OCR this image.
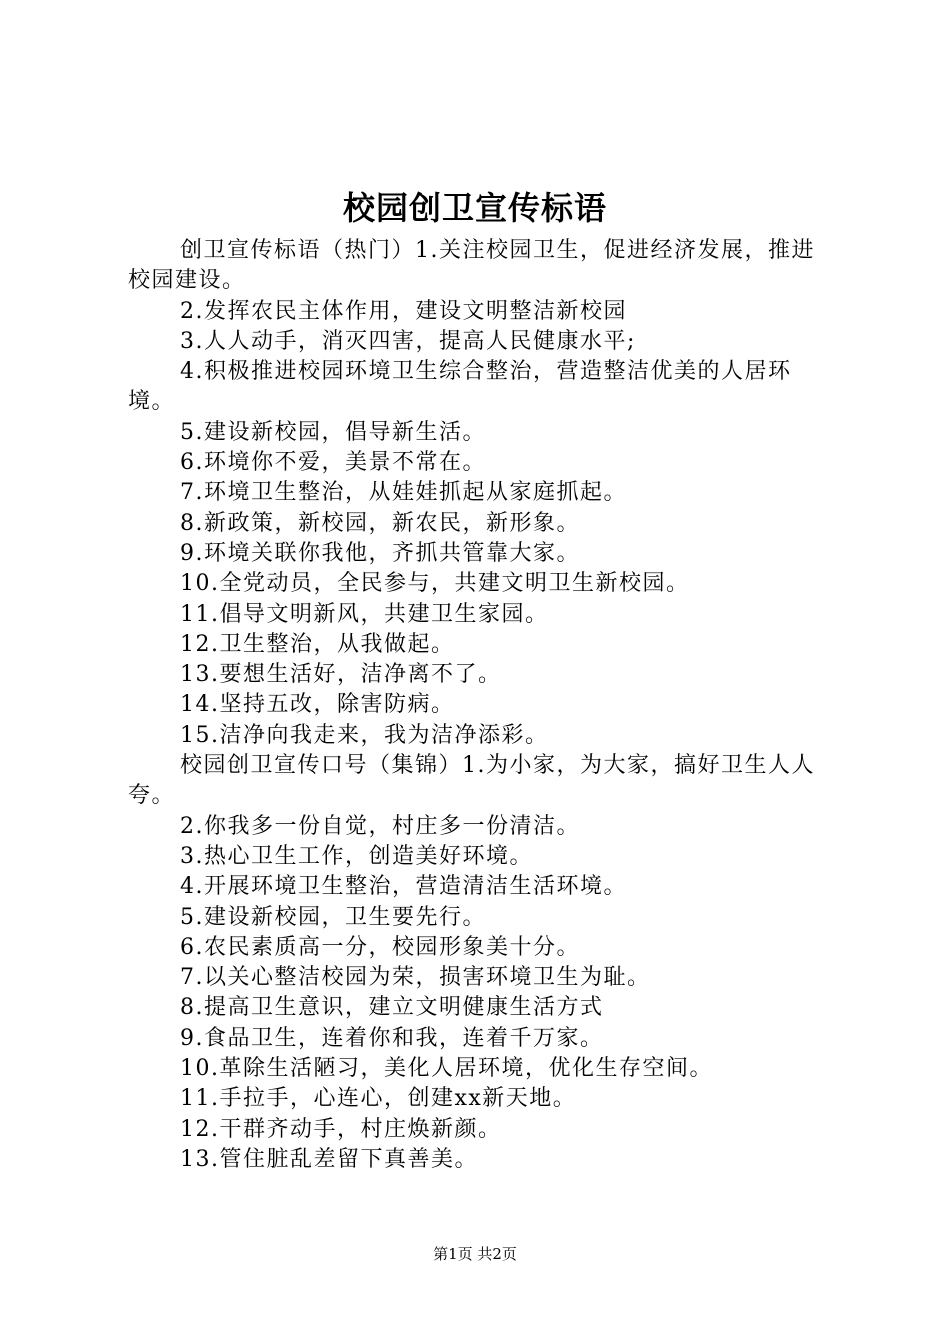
校园创卫宣传标语

创卫宣传标语（热门）1.关注校园卫生，促进经济发展，推进校园建设。

2.发挥农民主体作用，建设文明整洁新校园

3.人人动手，消灭四害，提高人民健康水平;

4.积极推进校园环境卫生综合整治，营造整洁优美的人居环境。

5.建设新校园，倡导新生活。

6.环境你不爱，美景不常在。

7.环境卫生整治，从娃娃抓起从家庭抓起。

8.新政策，新校园，新农民，新形象。

9.环境关联你我他，齐抓共管靠大家。

10.全党动员，全民参与，共建文明卫生新校园。

11.倡导文明新风，共建卫生家园。

12.卫生整治，从我做起。

13.要想生活好，洁净离不了。

14.坚持五改，除害防病。

15.洁净向我走来，我为洁净添彩。

校园创卫宣传口号（集锦）1.为小家，为大家，搞好卫生人人夸。

2.你我多一份自觉，村庄多一份清洁。

3.热心卫生工作，创造美好环境。

4.开展环境卫生整治，营造清洁生活环境。

5.建设新校园，卫生要先行。

6.农民素质高一分，校园形象美十分。

7.以关心整洁校园为荣，损害环境卫生为耻。

8.提高卫生意识，建立文明健康生活方式

9.食品卫生，连着你和我，连着千万家。

10.革除生活陋习，美化人居环境，优化生存空间。

11.手拉手，心连心，创建xx新天地。

12.干群齐动手，村庄焕新颜。

13.管住脏乱差留下真善美。

第1页 共2页
